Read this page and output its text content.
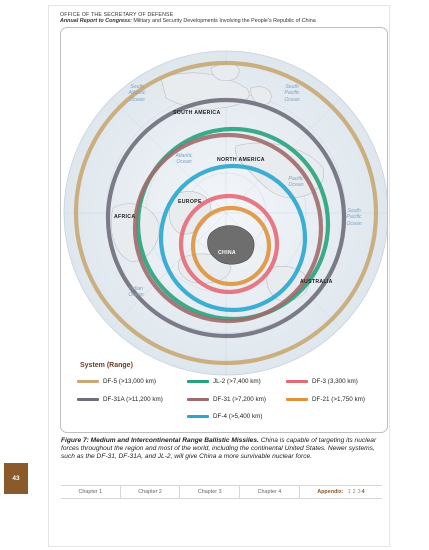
OFFICE OF THE SECRETARY OF DEFENSE
Annual Report to Congress: Military and Security Developments Involving the People's Republic of China
SOUTH AMERICA
NORTH AMERICA
EUROPE
AFRICA
CHINA
AUSTRALIA
South
Atlantic
Ocean
South
Pacific
Ocean
Atlantic
Ocean
Pacific
Ocean
South
Pacific
Ocean
Indian
Ocean
System (Range)
DF-5 (>13,000 km)
DF-31A (>11,200 km)
JL-2 (>7,400 km)
DF-31 (>7,200 km)
DF-4 (>5,400 km)
DF-3 (3,300 km)
DF-21 (>1,750 km)
Figure 7: Medium and Intercontinental Range Ballistic Missiles. China is capable of targeting its nuclear forces throughout the region and most of the world, including the continental United States. Newer systems, such as the DF-31, DF-31A, and JL-2, will give China a more survivable nuclear force.
43
Chapter 1	Chapter 2	Chapter 3	Chapter 4	Appendix: 1 2 3 4
